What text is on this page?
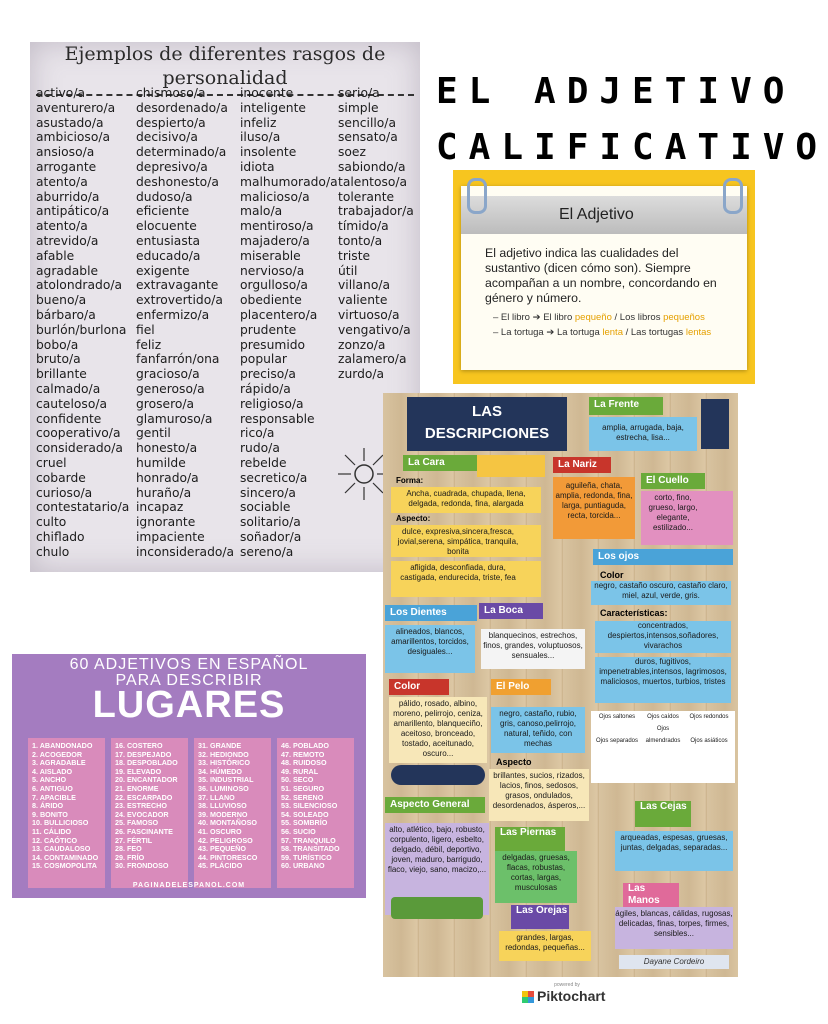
Ejemplos de diferentes rasgos de
personalidad
activo/a
aventurero/a
asustado/a
ambicioso/a
ansioso/a
arrogante
atento/a
aburrido/a
antipático/a
atento/a
atrevido/a
afable
agradable
atolondrado/a
bueno/a
bárbaro/a
burlón/burlona
bobo/a
bruto/a
brillante
calmado/a
cauteloso/a
confidente
cooperativo/a
considerado/a
cruel
cobarde
curioso/a
contestatario/a
culto
chiflado
chulo
chismoso/a
desordenado/a
despierto/a
decisivo/a
determinado/a
depresivo/a
deshonesto/a
dudoso/a
eficiente
elocuente
entusiasta
educado/a
exigente
extravagante
extrovertido/a
enfermizo/a
fiel
feliz
fanfarrón/ona
gracioso/a
generoso/a
grosero/a
glamuroso/a
gentil
honesto/a
humilde
honrado/a
huraño/a
incapaz
ignorante
impaciente
inconsiderado/a
inocente
inteligente
infeliz
iluso/a
insolente
idiota
malhumorado/a
malicioso/a
malo/a
mentiroso/a
majadero/a
miserable
nervioso/a
orgulloso/a
obediente
placentero/a
prudente
presumido
popular
preciso/a
rápido/a
religioso/a
responsable
rico/a
rudo/a
rebelde
secretico/a
sincero/a
sociable
solitario/a
soñador/a
sereno/a
serio/a
simple
sencillo/a
sensato/a
soez
sabiondo/a
talentoso/a
tolerante
trabajador/a
tímido/a
tonto/a
triste
útil
villano/a
valiente
virtuoso/a
vengativo/a
zonzo/a
zalamero/a
zurdo/a
EL ADJETIVO
CALIFICATIVO
El Adjetivo
El adjetivo indica las cualidades del sustantivo (dicen cómo son). Siempre acompañan a un nombre, concordando en género y número.
– El libro ➔ El libro pequeño / Los libros pequeños
– La tortuga ➔ La tortuga lenta / Las tortugas lentas
60 ADJETIVOS EN ESPAÑOL
PARA DESCRIBIR
LUGARES
1. ABANDONADO
2. ACOGEDOR
3. AGRADABLE
4. AISLADO
5. ANCHO
6. ANTIGUO
7. APACIBLE
8. ÁRIDO
9. BONITO
10. BULLICIOSO
11. CÁLIDO
12. CAÓTICO
13. CAUDALOSO
14. CONTAMINADO
15. COSMOPOLITA
16. COSTERO
17. DESPEJADO
18. DESPOBLADO
19. ELEVADO
20. ENCANTADOR
21. ENORME
22. ESCARPADO
23. ESTRECHO
24. EVOCADOR
25. FAMOSO
26. FASCINANTE
27. FÉRTIL
28. FEO
29. FRÍO
30. FRONDOSO
31. GRANDE
32. HEDIONDO
33. HISTÓRICO
34. HÚMEDO
35. INDUSTRIAL
36. LUMINOSO
37. LLANO
38. LLUVIOSO
39. MODERNO
40. MONTAÑOSO
41. OSCURO
42. PELIGROSO
43. PEQUEÑO
44. PINTORESCO
45. PLÁCIDO
46. POBLADO
47. REMOTO
48. RUIDOSO
49. RURAL
50. SECO
51. SEGURO
52. SERENO
53. SILENCIOSO
54. SOLEADO
55. SOMBRÍO
56. SUCIO
57. TRANQUILO
58. TRANSITADO
59. TURÍSTICO
60. URBANO
PAGINADELESPANOL.COM
LAS
DESCRIPCIONES
La Frente
amplia, arrugada, baja, estrecha, lisa...
La Cara
Forma:
Ancha, cuadrada, chupada, llena, delgada, redonda, fina, alargada
Aspecto:
dulce, expresiva,sincera,fresca, jovial,serena, simpática, tranquila, bonita
afligida, desconfiada, dura, castigada, endurecida, triste, fea
La Nariz
aguileña, chata, amplia, redonda, fina, larga, puntiaguda, recta, torcida...
El Cuello
corto, fino, grueso, largo, elegante, estilizado...
Los ojos
Color
negro, castaño oscuro, castaño claro, miel, azul, verde, gris.
Características:
concentrados, despiertos,intensos,soñadores, vivarachos
duros, fugitivos, impenetrables,intensos, lagrimosos, maliciosos, muertos, turbios, tristes
Ojos saltones Ojos caídos Ojos redondosOjos separadosOjos almendrados Ojos asiáticos
Los Dientes
alineados, blancos, amarillentos, torcidos, desiguales...
La Boca
blanquecinos, estrechos, finos, grandes, voluptuosos, sensuales...
Color
pálido, rosado, albino, moreno, pelirrojo, ceniza, amarillento, blanqueciño, aceitoso, bronceado, tostado, aceitunado, oscuro...
El Pelo
negro, castaño, rubio, gris, canoso,pelirrojo, natural, teñido, con mechas
Aspecto
brillantes, sucios, rizados, lacios, finos, sedosos, grasos, ondulados, desordenados, ásperos,...
Aspecto General
alto, atlético, bajo, robusto, corpulento, ligero, esbelto, delgado, débil, deportivo, joven, maduro, barrigudo, flaco, viejo, sano, macizo,...
Las Piernas
delgadas, gruesas, flacas, robustas, cortas, largas, musculosas
Las Cejas
arqueadas, espesas, gruesas, juntas, delgadas, separadas...
Las Orejas
grandes, largas, redondas, pequeñas...
Las Manos
ágiles, blancas, cálidas, rugosas, delicadas, finas, torpes, firmes, sensibles...
Dayane Cordeiro
powered by
Piktochart
